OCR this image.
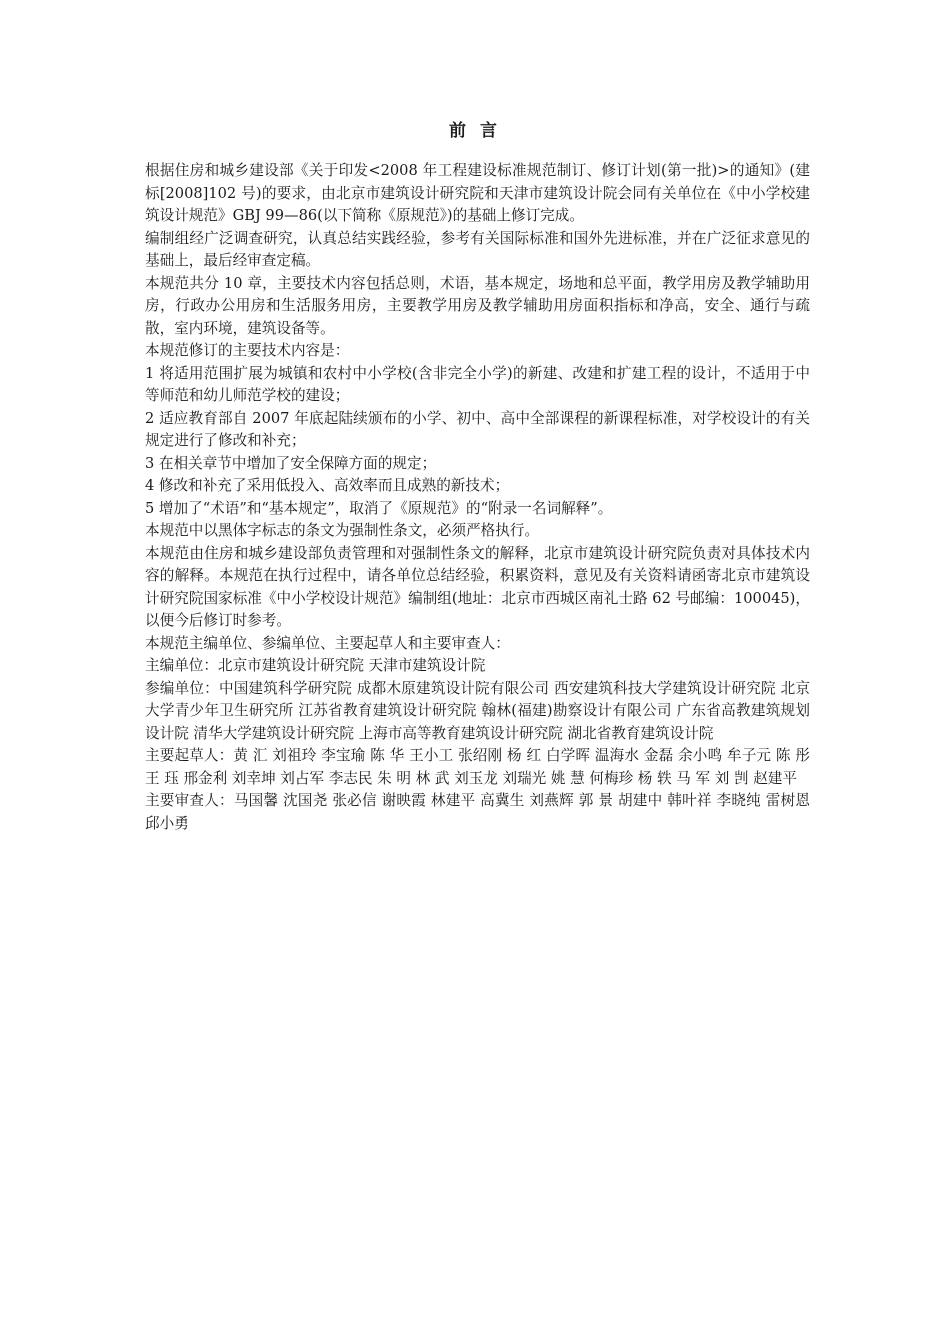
前 言

根据住房和城乡建设部《关于印发<2008 年工程建设标准规范制订、修订计划(第一批)>的通知》(建标[2008]102 号)的要求，由北京市建筑设计研究院和天津市建筑设计院会同有关单位在《中小学校建筑设计规范》GBJ 99—86(以下简称《原规范》)的基础上修订完成。

编制组经广泛调查研究，认真总结实践经验，参考有关国际标准和国外先进标准，并在广泛征求意见的基础上，最后经审查定稿。

本规范共分 10 章，主要技术内容包括总则，术语，基本规定，场地和总平面，教学用房及教学辅助用房，行政办公用房和生活服务用房，主要教学用房及教学辅助用房面积指标和净高，安全、通行与疏散，室内环境，建筑设备等。

本规范修订的主要技术内容是：

1 将适用范围扩展为城镇和农村中小学校(含非完全小学)的新建、改建和扩建工程的设计，不适用于中等师范和幼儿师范学校的建设；

2 适应教育部自 2007 年底起陆续颁布的小学、初中、高中全部课程的新课程标准，对学校设计的有关规定进行了修改和补充；

3 在相关章节中增加了安全保障方面的规定；

4 修改和补充了采用低投入、高效率而且成熟的新技术；

5 增加了“术语”和“基本规定”，取消了《原规范》的“附录一名词解释”。

本规范中以黑体字标志的条文为强制性条文，必须严格执行。

本规范由住房和城乡建设部负责管理和对强制性条文的解释，北京市建筑设计研究院负责对具体技术内容的解释。本规范在执行过程中，请各单位总结经验，积累资料，意见及有关资料请函寄北京市建筑设计研究院国家标准《中小学校设计规范》编制组(地址：北京市西城区南礼士路 62 号邮编：100045)，以便今后修订时参考。

本规范主编单位、参编单位、主要起草人和主要审查人：

主编单位：北京市建筑设计研究院 天津市建筑设计院

参编单位：中国建筑科学研究院 成都木原建筑设计院有限公司 西安建筑科技大学建筑设计研究院 北京大学青少年卫生研究所 江苏省教育建筑设计研究院 翰林(福建)勘察设计有限公司 广东省高教建筑规划设计院 清华大学建筑设计研究院 上海市高等教育建筑设计研究院 湖北省教育建筑设计院

主要起草人：黄 汇 刘祖玲 李宝瑜 陈 华 王小工 张绍刚 杨 红 白学晖 温海水 金磊 余小鸣 牟子元 陈 彤 王 珏 邢金利 刘幸坤 刘占军 李志民 朱 明 林 武 刘玉龙 刘瑞光 姚 慧 何梅珍 杨 轶 马 军 刘 剀 赵建平

主要审查人：马国馨 沈国尧 张必信 谢映霞 林建平 高冀生 刘燕辉 郭 景 胡建中 韩叶祥 李晓纯 雷树恩 邱小勇
